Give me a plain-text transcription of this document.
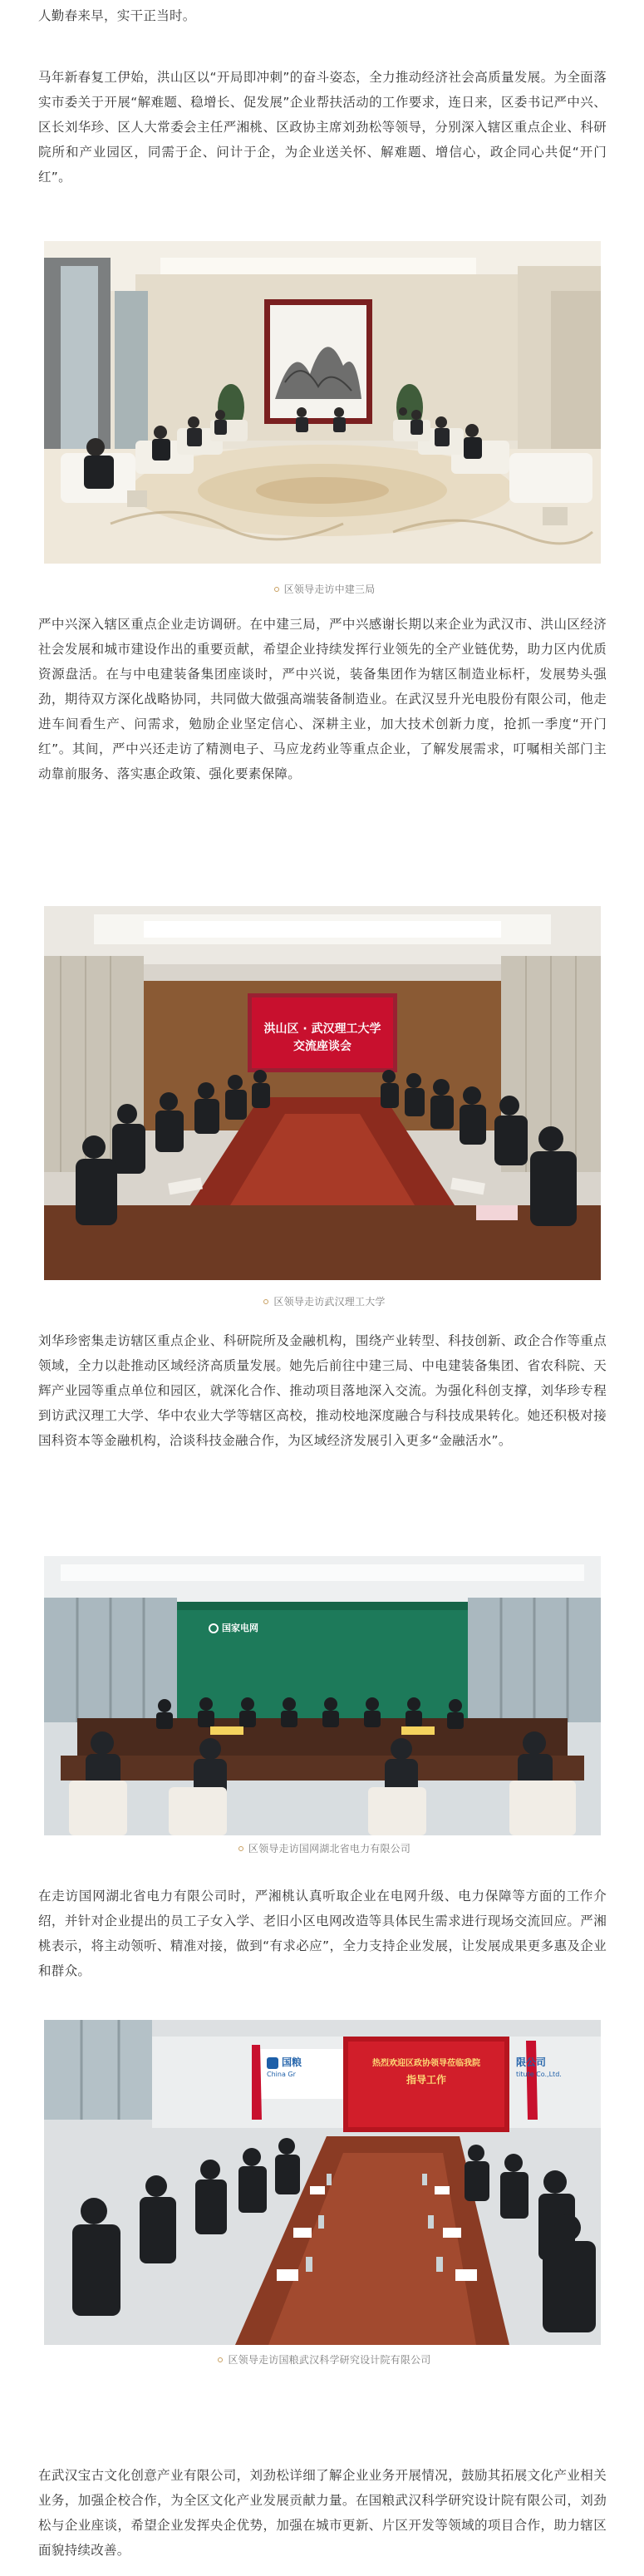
人勤春来早，实干正当时。

马年新春复工伊始，洪山区以“开局即冲刺”的奋斗姿态，全力推动经济社会高质量发展。为全面落实市委关于开展“解难题、稳增长、促发展”企业帮扶活动的工作要求，连日来，区委书记严中兴、区长刘华珍、区人大常委会主任严湘桃、区政协主席刘劲松等领导，分别深入辖区重点企业、科研院所和产业园区，同需于企、问计于企，为企业送关怀、解难题、增信心，政企同心共促“开门红”。

区领导走访中建三局

严中兴深入辖区重点企业走访调研。在中建三局，严中兴感谢长期以来企业为武汉市、洪山区经济社会发展和城市建设作出的重要贡献，希望企业持续发挥行业领先的全产业链优势，助力区内优质资源盘活。在与中电建装备集团座谈时，严中兴说，装备集团作为辖区制造业标杆，发展势头强劲，期待双方深化战略协同，共同做大做强高端装备制造业。在武汉昱升光电股份有限公司，他走进车间看生产、问需求，勉励企业坚定信心、深耕主业，加大技术创新力度，抢抓一季度“开门红”。其间，严中兴还走访了精测电子、马应龙药业等重点企业，了解发展需求，叮嘱相关部门主动靠前服务、落实惠企政策、强化要素保障。

洪山区 · 武汉理工大学
交流座谈会
区领导走访武汉理工大学

刘华珍密集走访辖区重点企业、科研院所及金融机构，围绕产业转型、科技创新、政企合作等重点领域，全力以赴推动区域经济高质量发展。她先后前往中建三局、中电建装备集团、省农科院、天辉产业园等重点单位和园区，就深化合作、推动项目落地深入交流。为强化科创支撑，刘华珍专程到访武汉理工大学、华中农业大学等辖区高校，推动校地深度融合与科技成果转化。她还积极对接国科资本等金融机构，洽谈科技金融合作，为区域经济发展引入更多“金融活水”。

国家电网
区领导走访国网湖北省电力有限公司

在走访国网湖北省电力有限公司时，严湘桃认真听取企业在电网升级、电力保障等方面的工作介绍，并针对企业提出的员工子女入学、老旧小区电网改造等具体民生需求进行现场交流回应。严湘桃表示，将主动领听、精准对接，做到“有求必应”，全力支持企业发展，让发展成果更多惠及企业和群众。

国粮
China Gr
限公司
titute Co.,Ltd.
热烈欢迎区政协领导莅临我院
指导工作
区领导走访国粮武汉科学研究设计院有限公司

在武汉宝古文化创意产业有限公司，刘劲松详细了解企业业务开展情况，鼓励其拓展文化产业相关业务，加强企校合作，为全区文化产业发展贡献力量。在国粮武汉科学研究设计院有限公司，刘劲松与企业座谈，希望企业发挥央企优势，加强在城市更新、片区开发等领域的项目合作，助力辖区面貌持续改善。
